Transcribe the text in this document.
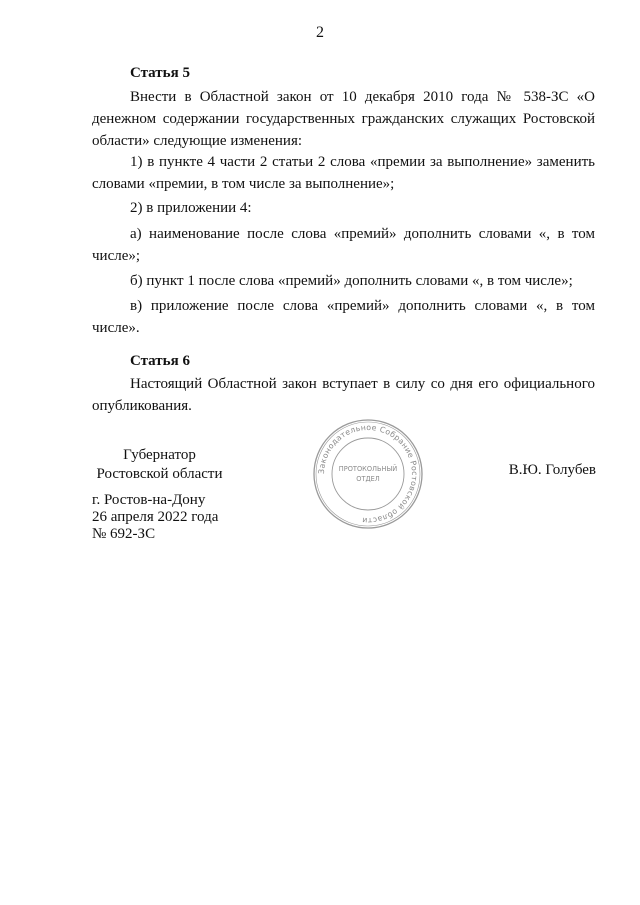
2

Статья 5

Внести в Областной закон от 10 декабря 2010 года № 538-ЗС «О денежном содержании государственных гражданских служащих Ростовской области» следующие изменения:

1) в пункте 4 части 2 статьи 2 слова «премии за выполнение» заменить словами «премии, в том числе за выполнение»;

2) в приложении 4:

а) наименование после слова «премий» дополнить словами «, в том числе»;

б) пункт 1 после слова «премий» дополнить словами «, в том числе»;

в) приложение после слова «премий» дополнить словами «, в том числе».

Статья 6

Настоящий Областной закон вступает в силу со дня его официального опубликования.

Губернатор
Ростовской области	В.Ю. Голубев
г. Ростов-на-Дону
26 апреля 2022 года
№ 692-ЗС
Законодательное Собрание Ростовской области
ПРОТОКОЛЬНЫЙ
ОТДЕЛ
